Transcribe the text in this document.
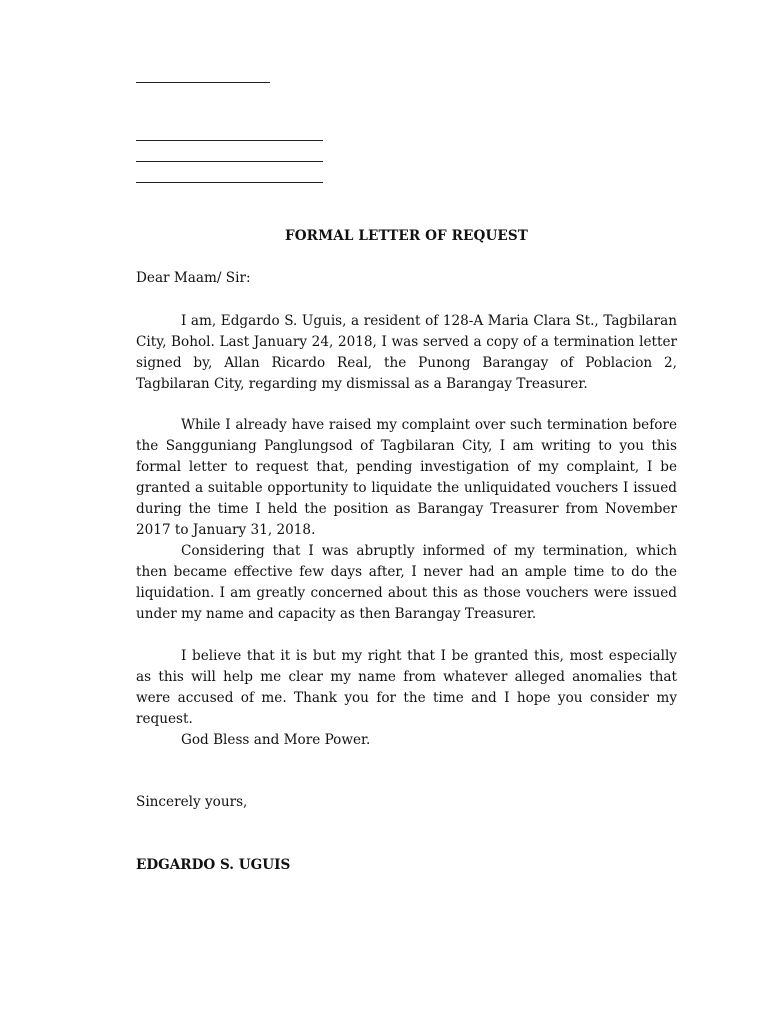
FORMAL LETTER OF REQUEST
Dear Maam/ Sir:

I am, Edgardo S. Uguis, a resident of 128-A Maria Clara St., Tagbilaran City, Bohol. Last January 24, 2018, I was served a copy of a termination letter signed by, Allan Ricardo Real, the Punong Barangay of Poblacion 2, Tagbilaran City, regarding my dismissal as a Barangay Treasurer.

While I already have raised my complaint over such termination before the Sangguniang Panglungsod of Tagbilaran City, I am writing to you this formal letter to request that, pending investigation of my complaint, I be granted a suitable opportunity to liquidate the unliquidated vouchers I issued during the time I held the position as Barangay Treasurer from November 2017 to January 31, 2018.

Considering that I was abruptly informed of my termination, which then became effective few days after, I never had an ample time to do the liquidation. I am greatly concerned about this as those vouchers were issued under my name and capacity as then Barangay Treasurer.

I believe that it is but my right that I be granted this, most especially as this will help me clear my name from whatever alleged anomalies that were accused of me. Thank you for the time and I hope you consider my request.

God Bless and More Power.
Sincerely yours,
EDGARDO S. UGUIS
